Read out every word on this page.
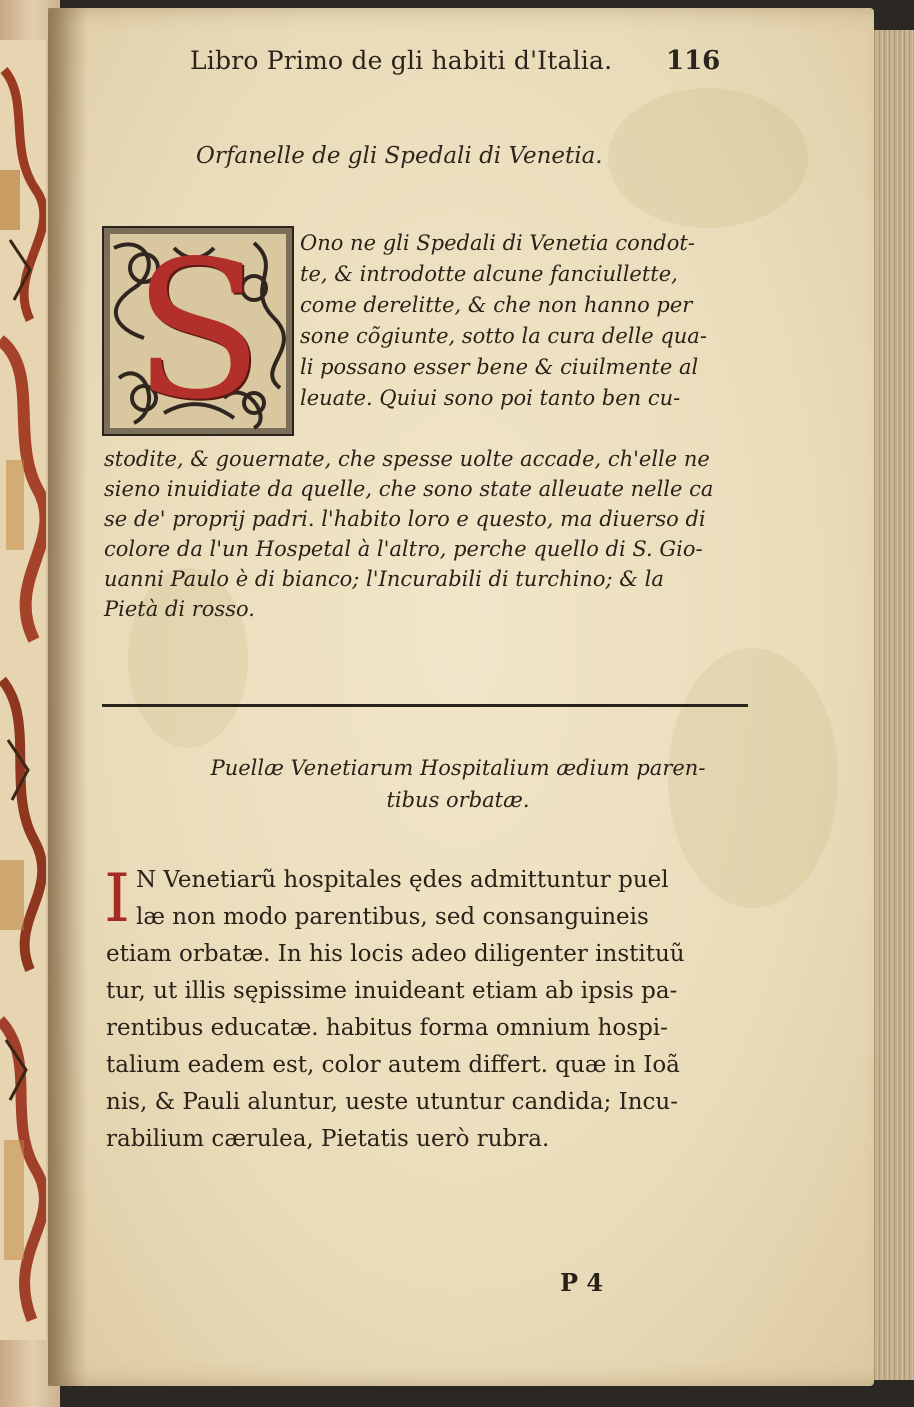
Libro Primo de gli habiti d'Italia.	116
Orfanelle de gli Spedali di Venetia.
S	Ono ne gli Spedali di Venetia condot-
te, & introdotte alcune fanciullette,
come derelitte, & che non hanno per
sone cõgiunte, sotto la cura delle qua-
li possano esser bene & ciuilmente al
leuate. Quiui sono poi tanto ben cu-
stodite, & gouernate, che spesse uolte accade, ch'elle ne
sieno inuidiate da quelle, che sono state alleuate nelle ca
se de' proprij padri. l'habito loro e questo, ma diuerso di
colore da l'un Hospetal à l'altro, perche quello di S. Gio-
uanni Paulo è di bianco; l'Incurabili di turchino; & la
Pietà di rosso.
Puellæ Venetiarum Hospitalium ædium paren-
tibus orbatæ.
I N Venetiarũ hospitales ędes admittuntur puel
læ non modo parentibus, sed consanguineis
etiam orbatæ. In his locis adeo diligenter instituũ
tur, ut illis sępissime inuideant etiam ab ipsis pa-
rentibus educatæ. habitus forma omnium hospi-
talium eadem est, color autem differt. quæ in Ioã
nis, & Pauli aluntur, ueste utuntur candida; Incu-
rabilium cærulea, Pietatis uerò rubra.
P 4
